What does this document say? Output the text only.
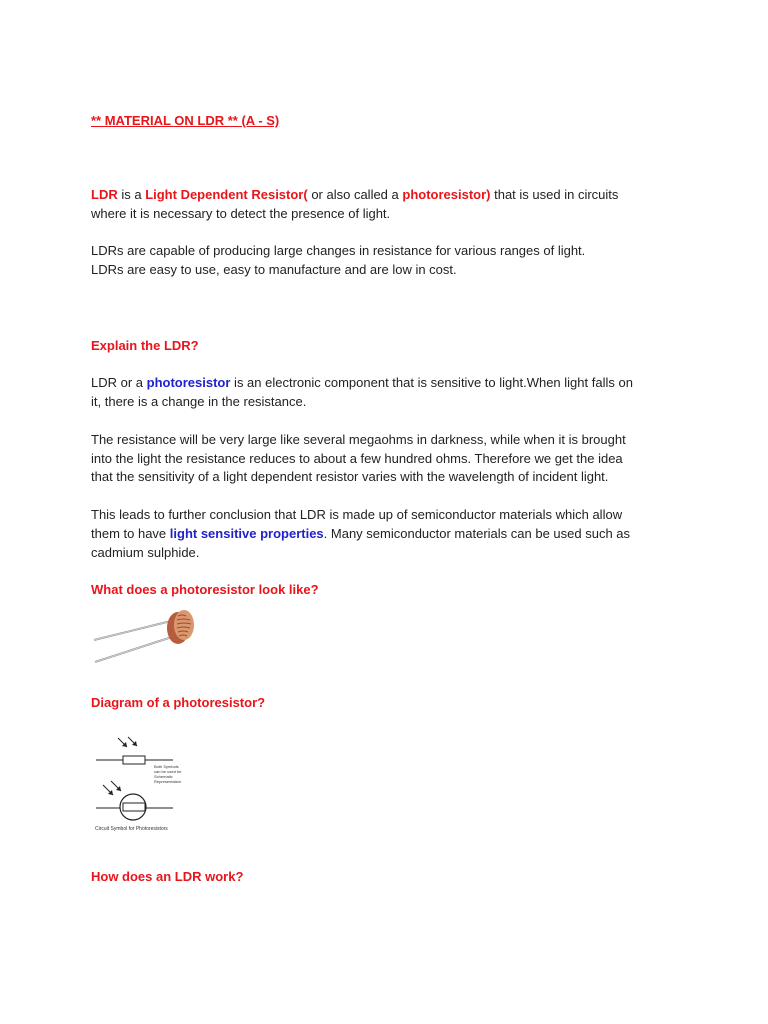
** MATERIAL ON LDR ** (A - S)
LDR is a Light Dependent Resistor( or also called a photoresistor) that is used in circuits
where it is necessary to detect the presence of light.
LDRs are capable of producing large changes in resistance for various ranges of light.
LDRs are easy to use, easy to manufacture and are low in cost.
Explain the LDR?
LDR or a photoresistor is an electronic component that is sensitive to light.When light falls on
it, there is a change in the resistance.
The resistance will be very large like several megaohms in darkness, while when it is brought
into the light the resistance reduces to about a few hundred ohms. Therefore we get the idea
that the sensitivity of a light dependent resistor varies with the wavelength of incident light.
This leads to further conclusion that LDR is made up of semiconductor materials which allow
them to have light sensitive properties. Many semiconductor materials can be used such as
cadmium sulphide.
What does a photoresistor look like?
Diagram of a photoresistor?
Both Symbols
can be used for
Schematic
Representation
Circuit Symbol for Photoresistors
How does an LDR work?
